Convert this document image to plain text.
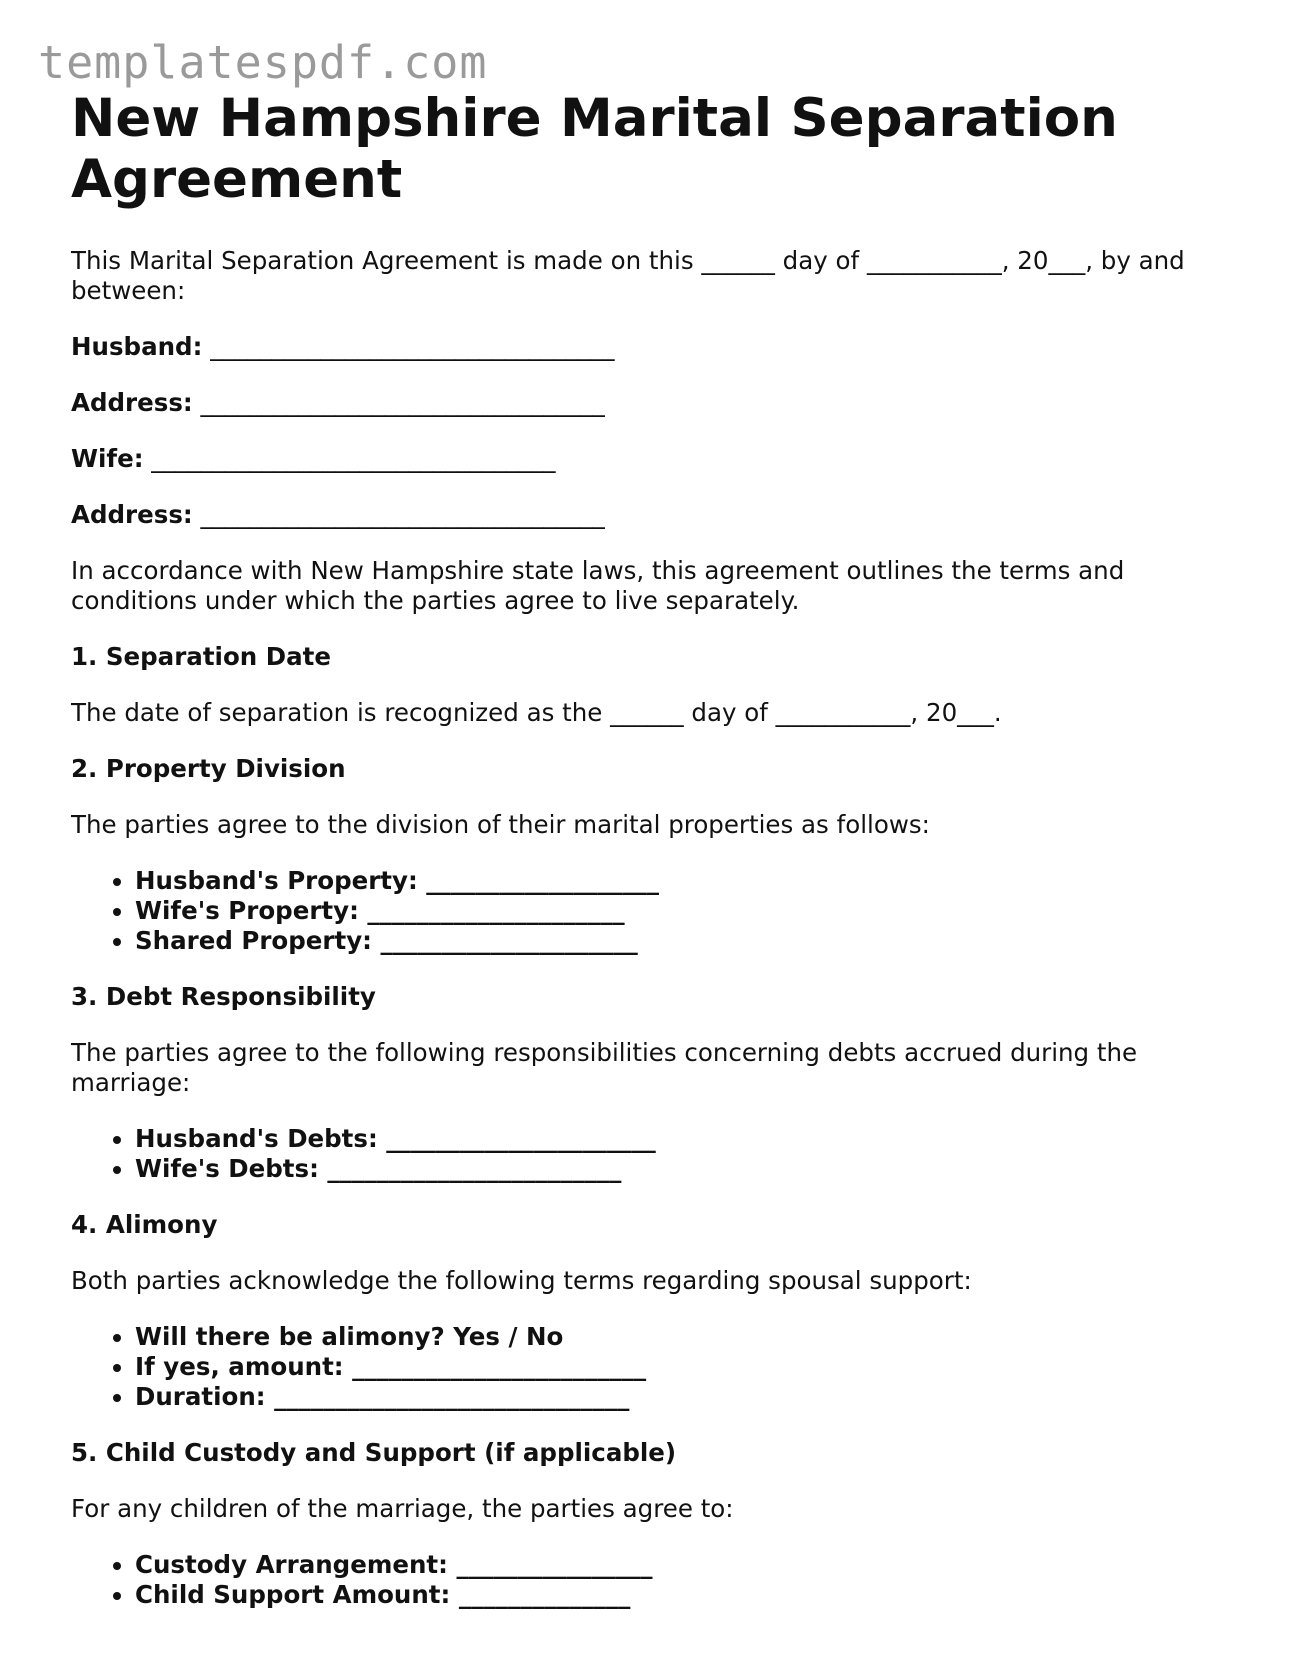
templatespdf.com
New Hampshire Marital Separation Agreement

This Marital Separation Agreement is made on this ______ day of ___________, 20___, by and between:

Husband: _________________________________
Address: _________________________________
Wife: _________________________________
Address: _________________________________

In accordance with New Hampshire state laws, this agreement outlines the terms and conditions under which the parties agree to live separately.

1. Separation Date

The date of separation is recognized as the ______ day of ___________, 20___.

2. Property Division

The parties agree to the division of their marital properties as follows:

• Husband's Property: ___________________
• Wife's Property: _____________________
• Shared Property: _____________________
3. Debt Responsibility

The parties agree to the following responsibilities concerning debts accrued during the marriage:

• Husband's Debts: ______________________
• Wife's Debts: ________________________
4. Alimony

Both parties acknowledge the following terms regarding spousal support:

• Will there be alimony? Yes / No
• If yes, amount: ________________________
• Duration: _____________________________
5. Child Custody and Support (if applicable)

For any children of the marriage, the parties agree to:

• Custody Arrangement: ________________
• Child Support Amount: ______________
